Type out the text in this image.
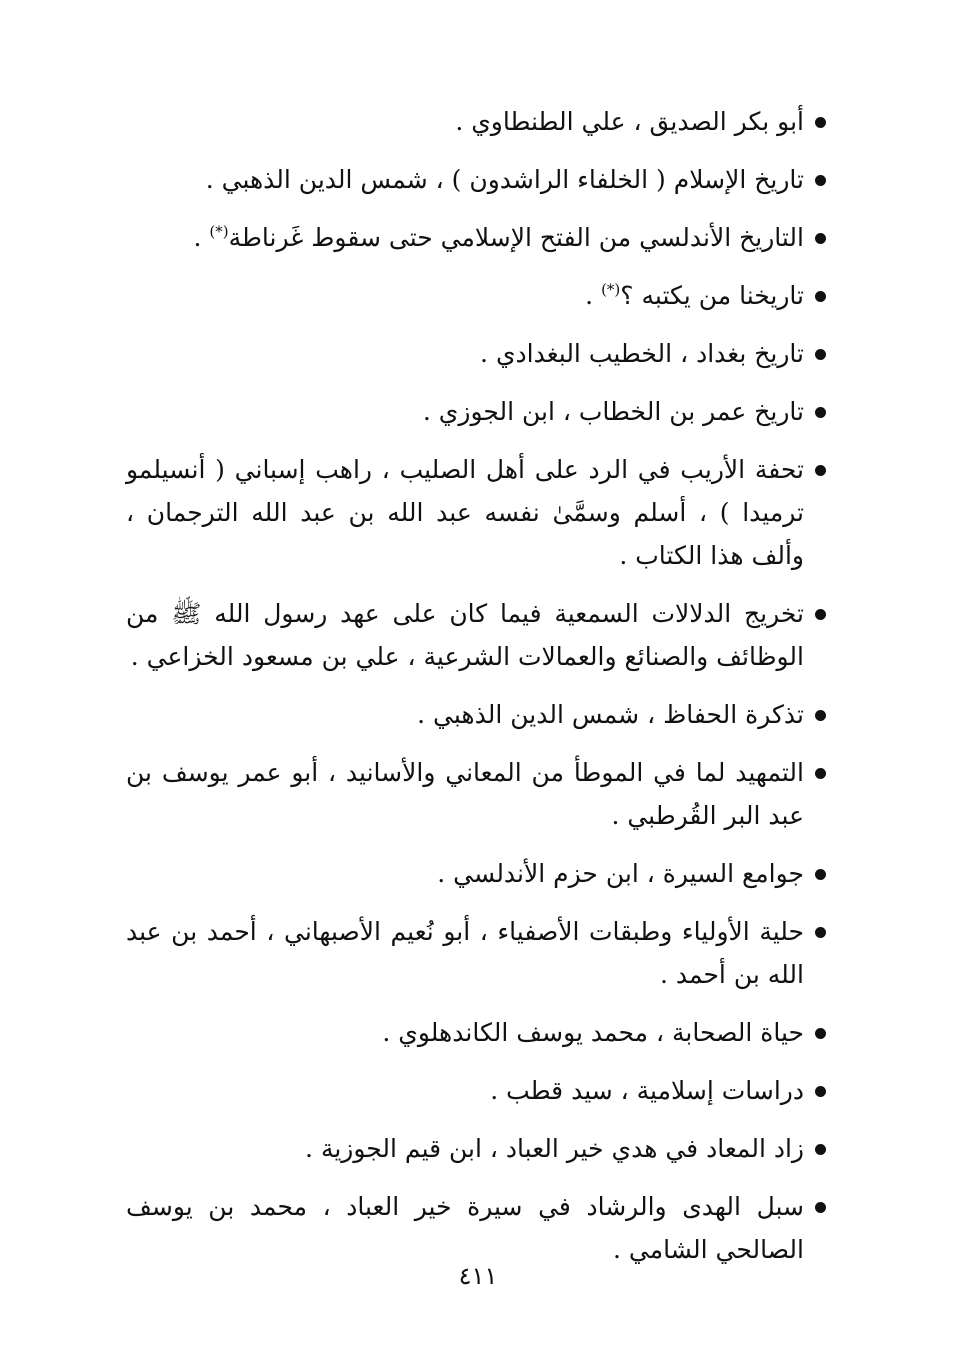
أبو بكر الصديق ، علي الطنطاوي .
تاريخ الإسلام ( الخلفاء الراشدون ) ، شمس الدين الذهبي .
التاريخ الأندلسي من الفتح الإسلامي حتى سقوط غَرناطة(*) .
تاريخنا من يكتبه ؟(*) .
تاريخ بغداد ، الخطيب البغدادي .
تاريخ عمر بن الخطاب ، ابن الجوزي .
تحفة الأريب في الرد على أهل الصليب ، راهب إسباني ( أنسيلمو ترميدا ) ، أسلم وسمَّىٰ نفسه عبد الله بن عبد الله الترجمان ، وألف هذا الكتاب .
تخريج الدلالات السمعية فيما كان على عهد رسول الله ﷺ من الوظائف والصنائع والعمالات الشرعية ، علي بن مسعود الخزاعي .
تذكرة الحفاظ ، شمس الدين الذهبي .
التمهيد لما في الموطأ من المعاني والأسانيد ، أبو عمر يوسف بن عبد البر القُرطبي .
جوامع السيرة ، ابن حزم الأندلسي .
حلية الأولياء وطبقات الأصفياء ، أبو نُعيم الأصبهاني ، أحمد بن عبد الله بن أحمد .
حياة الصحابة ، محمد يوسف الكاندهلوي .
دراسات إسلامية ، سيد قطب .
زاد المعاد في هدي خير العباد ، ابن قيم الجوزية .
سبل الهدى والرشاد في سيرة خير العباد ، محمد بن يوسف الصالحي الشامي .
٤١١
